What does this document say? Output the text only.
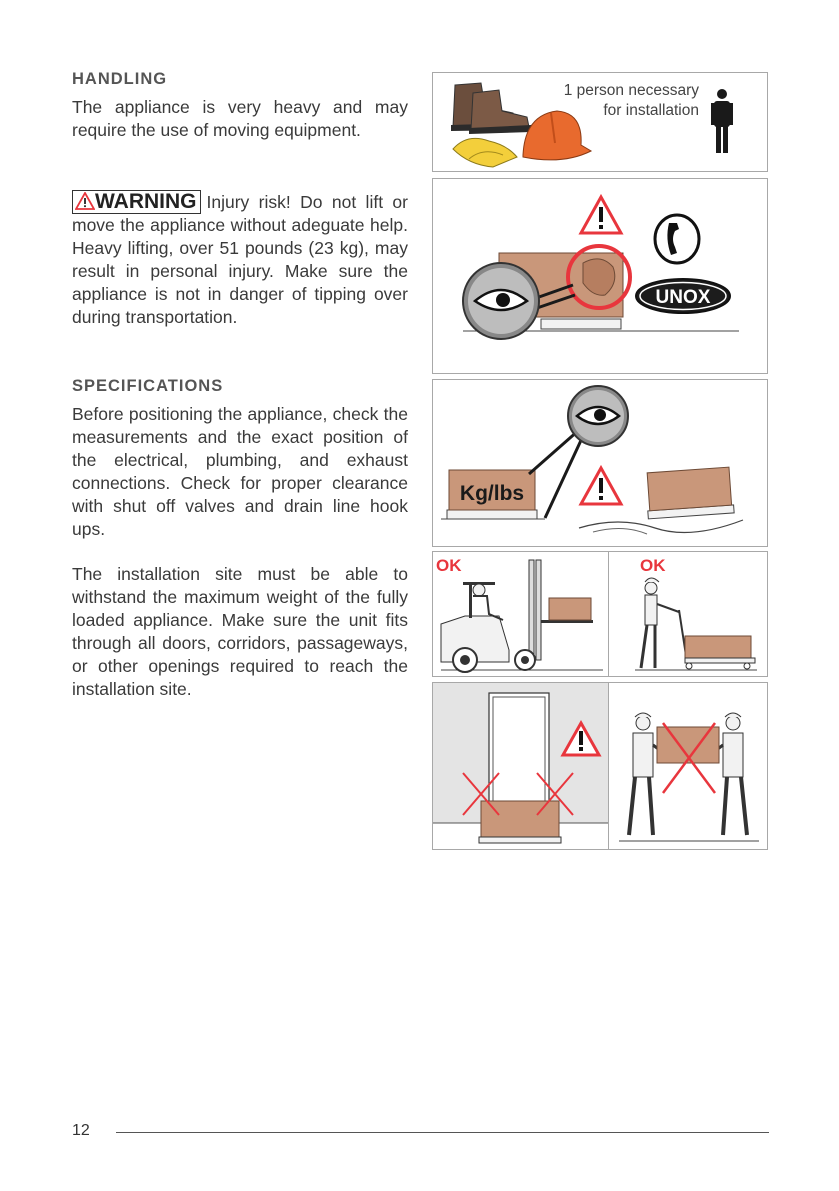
HANDLING

The appliance is very heavy and may require the use of moving equipment.

WARNING Injury risk! Do not lift or move the appliance without adeguate help. Heavy lifting, over 51 pounds (23 kg), may result in personal injury. Make sure the appliance is not in danger of tipping over during transportation.

SPECIFICATIONS

Before positioning the appliance, check the measurements and the exact position of the electrical, plumbing, and exhaust connections. Check for proper clearance with shut off valves and drain line hook ups.

The installation site must be able to withstand the maximum weight of the fully loaded appliance. Make sure the unit fits through all doors, corridors, passageways, or other openings required to reach the installation site.

1 person necessary
for installation
UNOX
Kg/lbs
OK	OK
12
